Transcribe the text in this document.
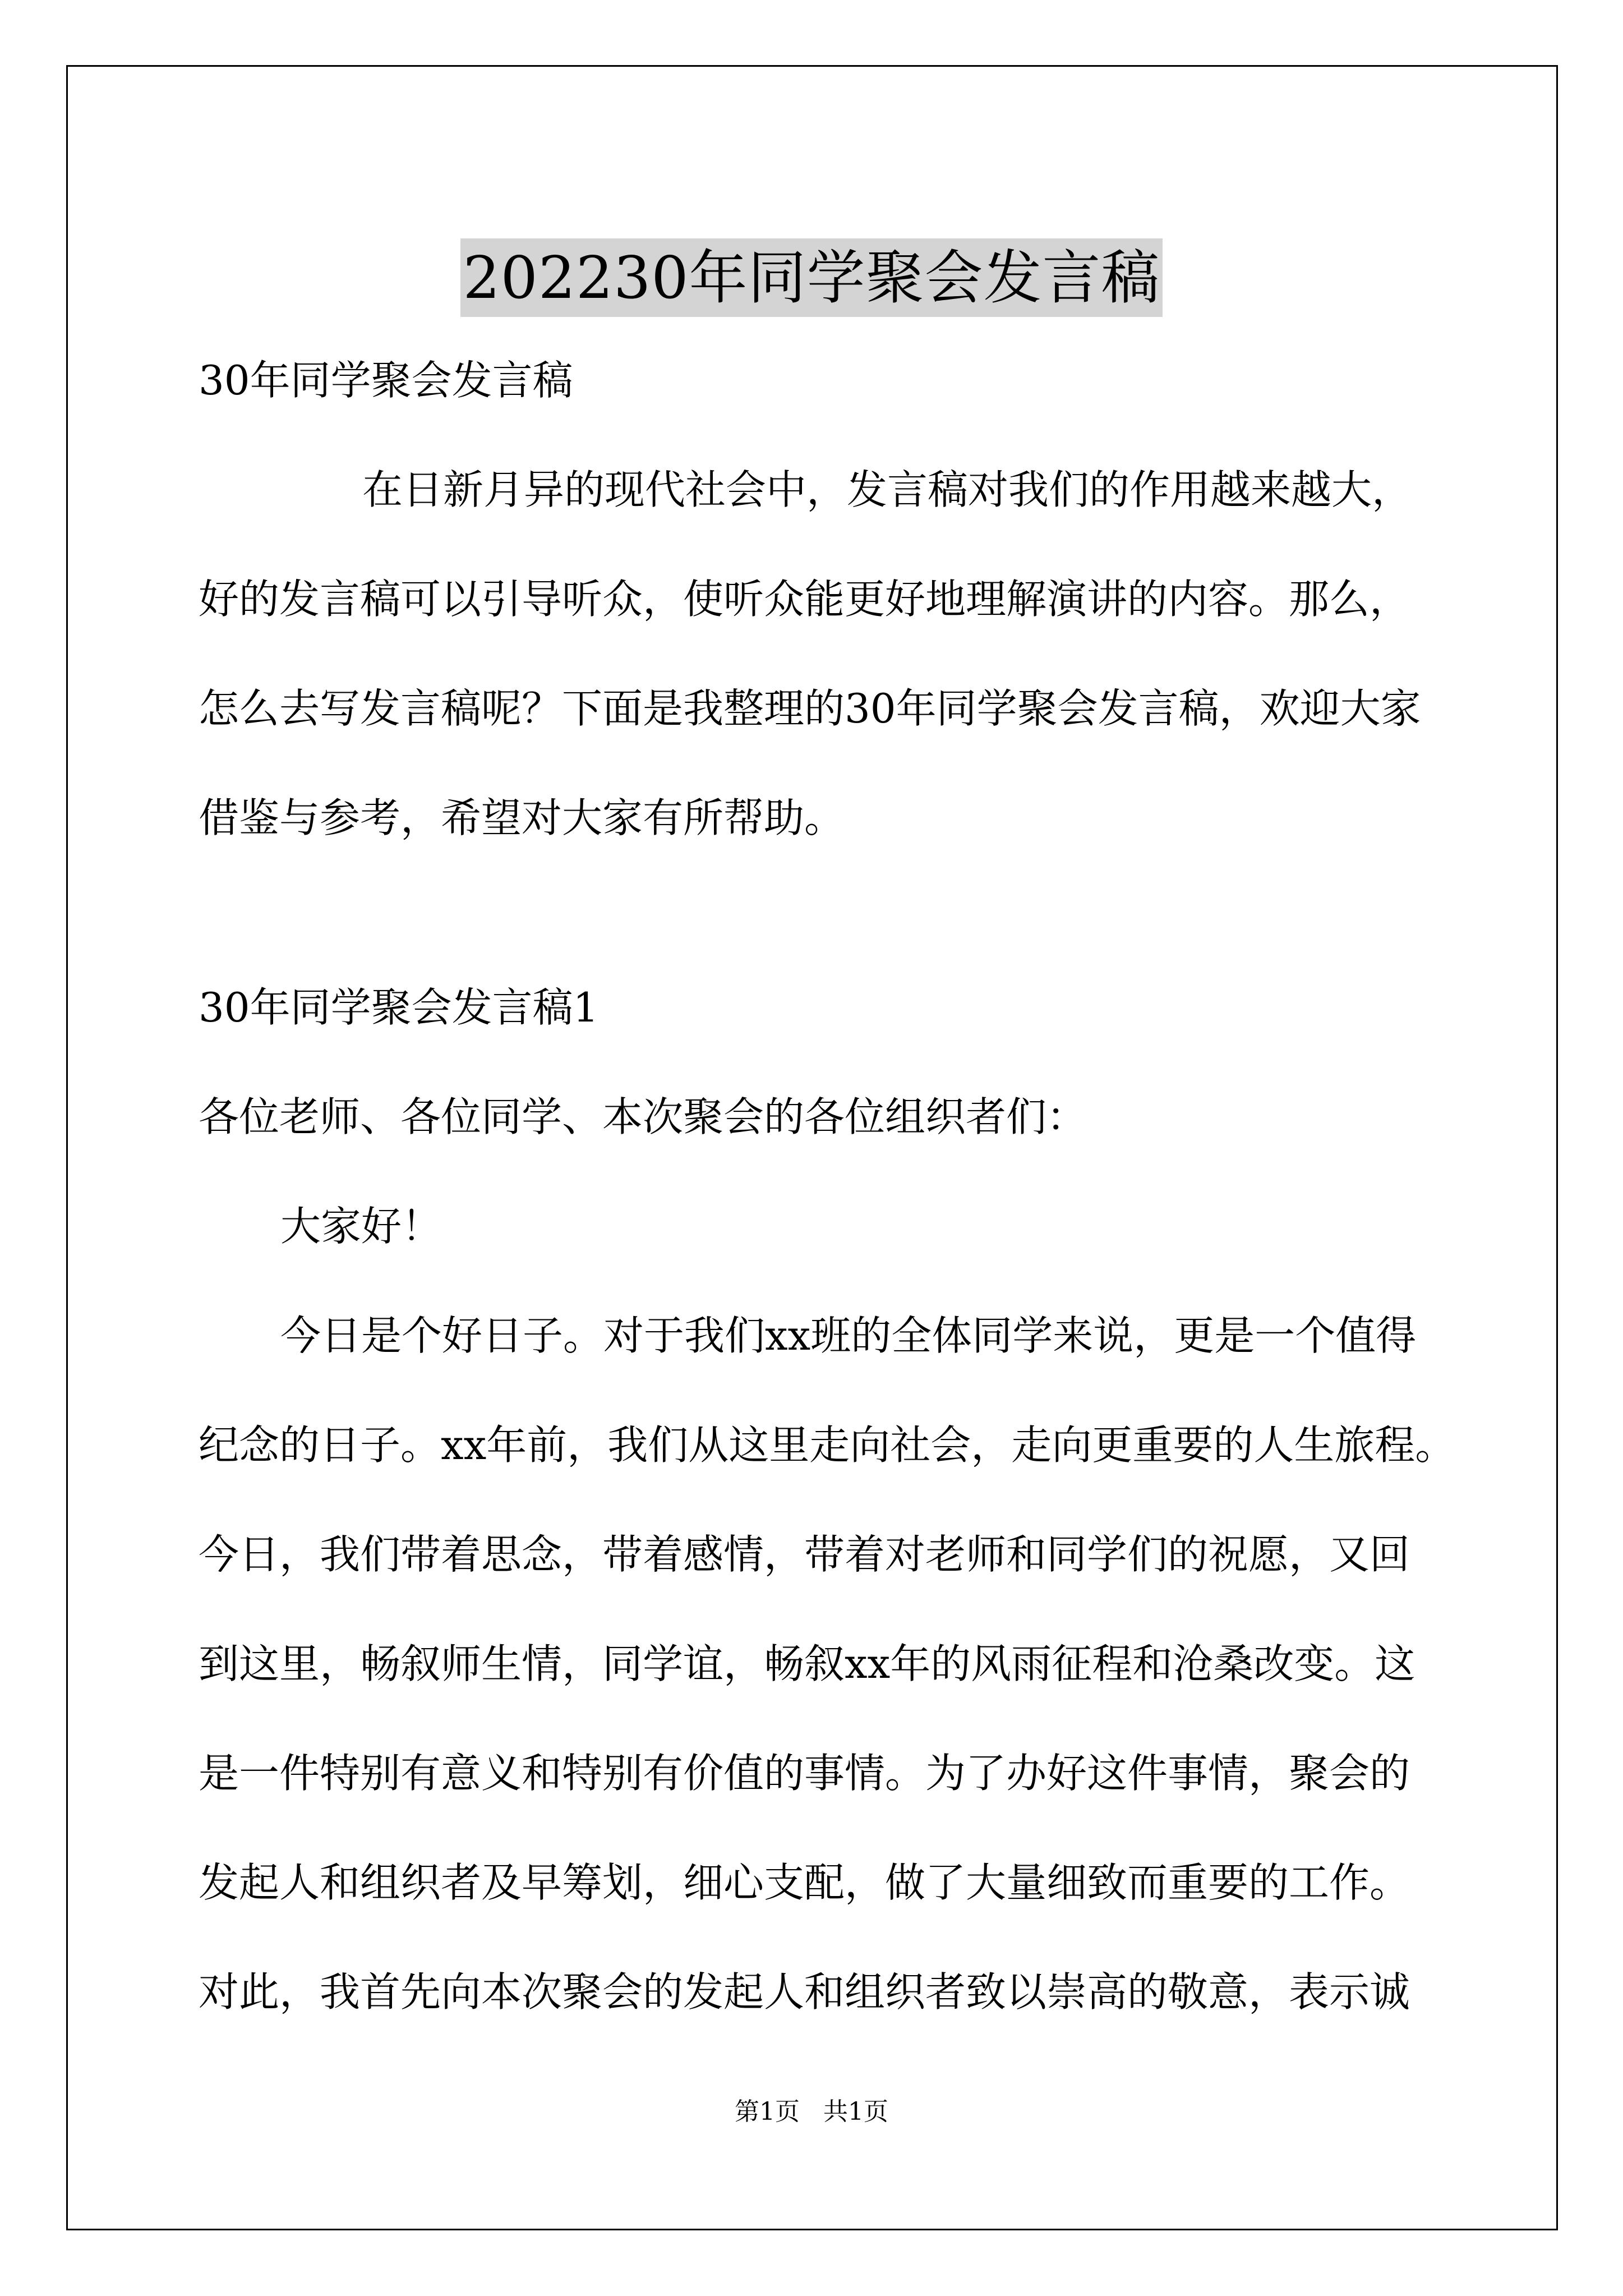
202230年同学聚会发言稿
30年同学聚会发言稿
在日新月异的现代社会中，发言稿对我们的作用越来越大，
好的发言稿可以引导听众，使听众能更好地理解演讲的内容。那么，
怎么去写发言稿呢？下面是我整理的30年同学聚会发言稿，欢迎大家
借鉴与参考，希望对大家有所帮助。
30年同学聚会发言稿1
各位老师、各位同学、本次聚会的各位组织者们：
大家好！
今日是个好日子。对于我们xx班的全体同学来说，更是一个值得
纪念的日子。xx年前，我们从这里走向社会，走向更重要的人生旅程。
今日，我们带着思念，带着感情，带着对老师和同学们的祝愿，又回
到这里，畅叙师生情，同学谊，畅叙xx年的风雨征程和沧桑改变。这
是一件特别有意义和特别有价值的事情。为了办好这件事情，聚会的
发起人和组织者及早筹划，细心支配，做了大量细致而重要的工作。
对此，我首先向本次聚会的发起人和组织者致以崇高的敬意，表示诚
第1页 共1页
